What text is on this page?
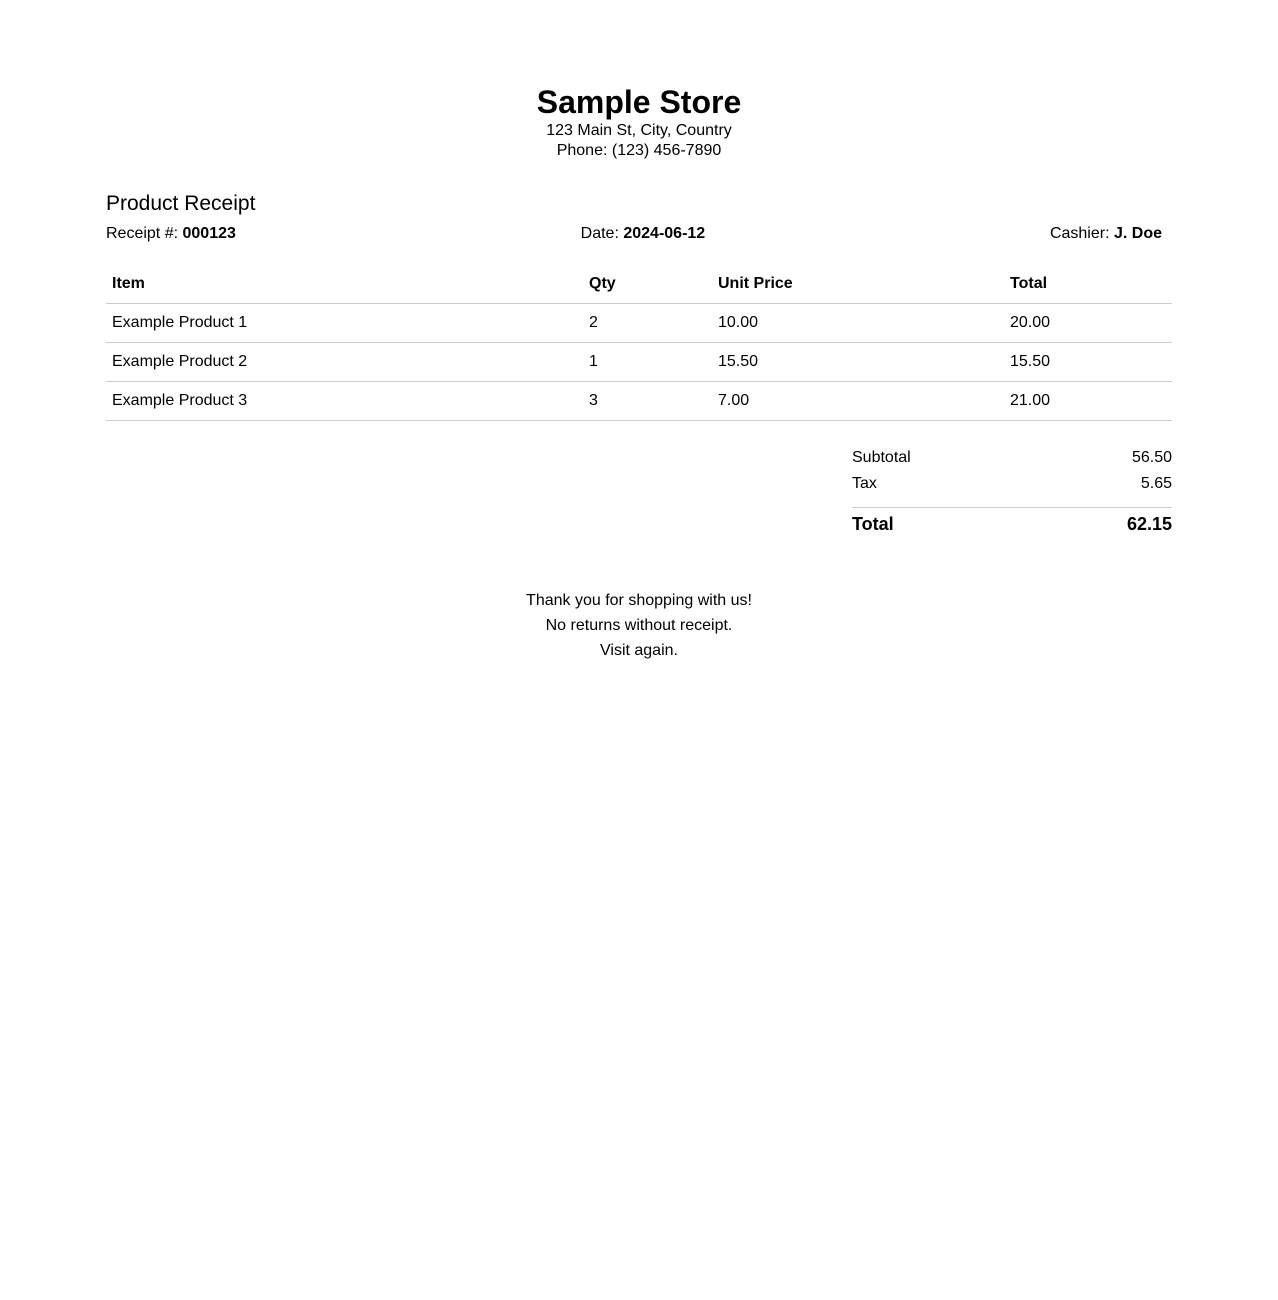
Sample Store
123 Main St, City, Country
Phone: (123) 456-7890
Product Receipt
Receipt #: 000123	Date: 2024-06-12	Cashier: J. Doe
Item	Qty	Unit Price	Total
Example Product 1	2	10.00	20.00
Example Product 2	1	15.50	15.50
Example Product 3	3	7.00	21.00
Subtotal	56.50
Tax	5.65
Total	62.15
Thank you for shopping with us!
No returns without receipt.
Visit again.
